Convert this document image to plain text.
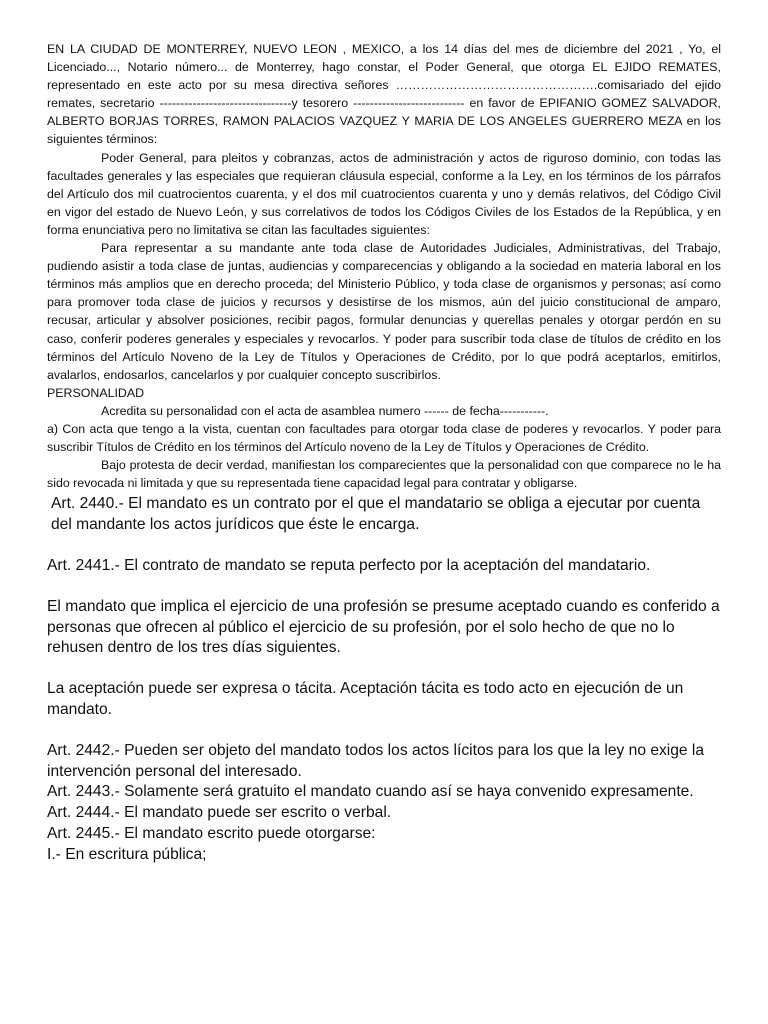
EN LA CIUDAD DE MONTERREY, NUEVO LEON , MEXICO, a los 14 días del mes de diciembre del 2021 , Yo, el Licenciado..., Notario número... de Monterrey, hago constar, el Poder General, que otorga EL EJIDO REMATES, representado en este acto por su mesa directiva señores ………………………………………….comisariado del ejido remates, secretario --------------------------------y tesorero --------------------------- en favor de EPIFANIO GOMEZ SALVADOR, ALBERTO BORJAS TORRES, RAMON PALACIOS VAZQUEZ Y MARIA DE LOS ANGELES GUERRERO MEZA en los siguientes términos:

Poder General, para pleitos y cobranzas, actos de administración y actos de riguroso dominio, con todas las facultades generales y las especiales que requieran cláusula especial, conforme a la Ley, en los términos de los párrafos del Artículo dos mil cuatrocientos cuarenta, y el dos mil cuatrocientos cuarenta y uno y demás relativos, del Código Civil en vigor del estado de Nuevo León, y sus correlativos de todos los Códigos Civiles de los Estados de la República, y en forma enunciativa pero no limitativa se citan las facultades siguientes:

Para representar a su mandante ante toda clase de Autoridades Judiciales, Administrativas, del Trabajo, pudiendo asistir a toda clase de juntas, audiencias y comparecencias y obligando a la sociedad en materia laboral en los términos más amplios que en derecho proceda; del Ministerio Público, y toda clase de organismos y personas; así como para promover toda clase de juicios y recursos y desistirse de los mismos, aún del juicio constitucional de amparo, recusar, articular y absolver posiciones, recibir pagos, formular denuncias y querellas penales y otorgar perdón en su caso, conferir poderes generales y especiales y revocarlos. Y poder para suscribir toda clase de títulos de crédito en los términos del Artículo Noveno de la Ley de Títulos y Operaciones de Crédito, por lo que podrá aceptarlos, emitirlos, avalarlos, endosarlos, cancelarlos y por cualquier concepto suscribirlos.

PERSONALIDAD

Acredita su personalidad con el acta de asamblea numero ------ de fecha-----------.

a) Con acta que tengo a la vista, cuentan con facultades para otorgar toda clase de poderes y revocarlos. Y poder para suscribir Títulos de Crédito en los términos del Artículo noveno de la Ley de Títulos y Operaciones de Crédito.

Bajo protesta de decir verdad, manifiestan los comparecientes que la personalidad con que comparece no le ha sido revocada ni limitada y que su representada tiene capacidad legal para contratar y obligarse.

Art. 2440.- El mandato es un contrato por el que el mandatario se obliga a ejecutar por cuenta del mandante los actos jurídicos que éste le encarga.

Art. 2441.- El contrato de mandato se reputa perfecto por la aceptación del mandatario.

El mandato que implica el ejercicio de una profesión se presume aceptado cuando es conferido a personas que ofrecen al público el ejercicio de su profesión, por el solo hecho de que no lo rehusen dentro de los tres días siguientes.

La aceptación puede ser expresa o tácita. Aceptación tácita es todo acto en ejecución de un mandato.

Art. 2442.- Pueden ser objeto del mandato todos los actos lícitos para los que la ley no exige la intervención personal del interesado.

Art. 2443.- Solamente será gratuito el mandato cuando así se haya convenido expresamente.

Art. 2444.- El mandato puede ser escrito o verbal.

Art. 2445.- El mandato escrito puede otorgarse:

I.- En escritura pública;
